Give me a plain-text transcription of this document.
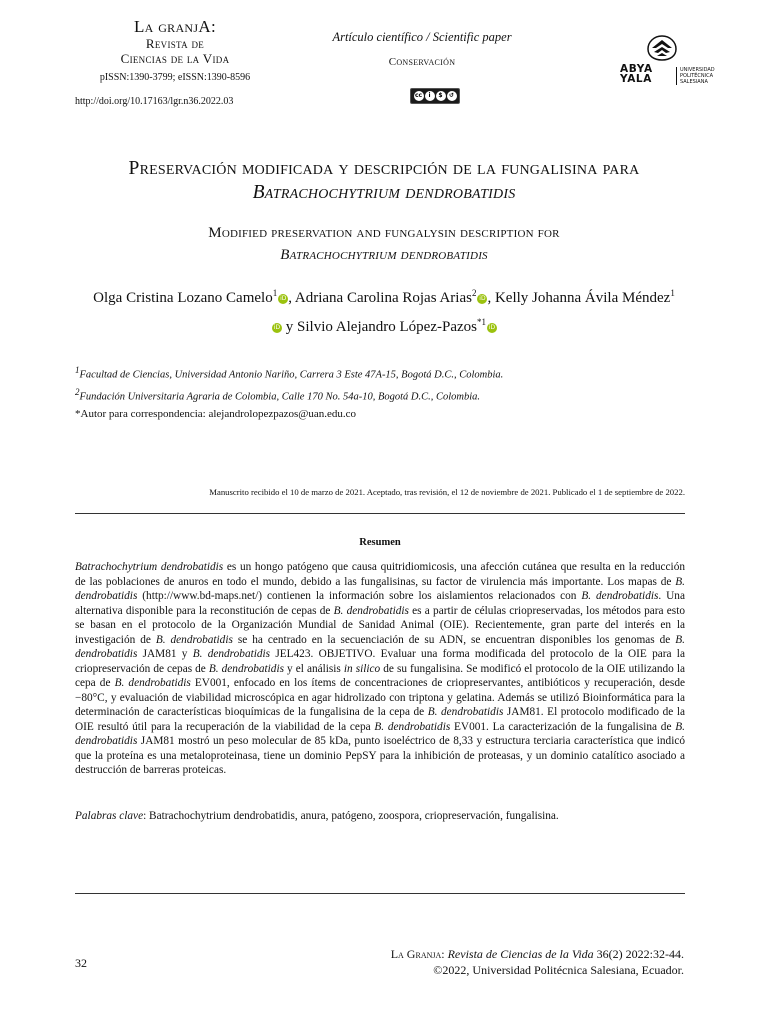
La granjA:
Revista de
Ciencias de la Vida
pISSN:1390-3799; eISSN:1390-8596
http://doi.org/10.17163/lgr.n36.2022.03
Artículo científico / Scientific paper
Conservación
cc	i	$	↺
ABYA
YALA
UNIVERSIDAD POLITÉCNICA SALESIANA
Preservación modificada y descripción de la fungalisina para Batrachochytrium dendrobatidis
Modified preservation and fungalysin description for
Batrachochytrium dendrobatidis
Olga Cristina Lozano Camelo$^1$iD , Adriana Carolina Rojas Arias$^2$iD , Kelly Johanna Ávila Méndez$^1$iD y Silvio Alejandro López-Pazos$^{*1}$iD
$^1$Facultad de Ciencias, Universidad Antonio Nariño, Carrera 3 Este 47A-15, Bogotá D.C., Colombia.
$^2$Fundación Universitaria Agraria de Colombia, Calle 170 No. 54a-10, Bogotá D.C., Colombia.
*Autor para correspondencia: alejandrolopezpazos@uan.edu.co
Manuscrito recibido el 10 de marzo de 2021. Aceptado, tras revisión, el 12 de noviembre de 2021. Publicado el 1 de septiembre de 2022.
Resumen

Batrachochytrium dendrobatidis es un hongo patógeno que causa quitridiomicosis, una afección cutánea que resulta en la reducción de las poblaciones de anuros en todo el mundo, debido a las fungalisinas, su factor de virulencia más importante. Los mapas de B. dendrobatidis (http://www.bd-maps.net/) contienen la información sobre los aislamientos relacionados con B. dendrobatidis. Una alternativa disponible para la reconstitución de cepas de B. dendrobatidis es a partir de células criopreservadas, los métodos para esto se basan en el protocolo de la Organización Mundial de Sanidad Animal (OIE). Recientemente, gran parte del interés en la investigación de B. dendrobatidis se ha centrado en la secuenciación de su ADN, se encuentran disponibles los genomas de B. dendrobatidis JAM81 y B. dendrobatidis JEL423. OBJETIVO. Evaluar una forma modificada del protocolo de la OIE para la criopreservación de cepas de B. dendrobatidis y el análisis in silico de su fungalisina. Se modificó el protocolo de la OIE utilizando la cepa de B. dendrobatidis EV001, enfocado en los ítems de concentraciones de criopreservantes, antibióticos y recuperación, desde −80°C, y evaluación de viabilidad microscópica en agar hidrolizado con triptona y gelatina. Además se utilizó Bioinformática para la determinación de características bioquímicas de la fungalisina de la cepa de B. dendrobatidis JAM81. El protocolo modificado de la OIE resultó útil para la recuperación de la viabilidad de la cepa B. dendrobatidis EV001. La caracterización de la fungalisina de B. dendrobatidis JAM81 mostró un peso molecular de 85 kDa, punto isoeléctrico de 8,33 y estructura terciaria característica que indicó que la proteína es una metaloproteinasa, tiene un dominio PepSY para la inhibición de proteasas, y un dominio catalítico asociado a destrucción de barreras proteicas.

Palabras clave: Batrachochytrium dendrobatidis, anura, patógeno, zoospora, criopreservación, fungalisina.
32
La Granja: Revista de Ciencias de la Vida 36(2) 2022:32-44.
©2022, Universidad Politécnica Salesiana, Ecuador.
